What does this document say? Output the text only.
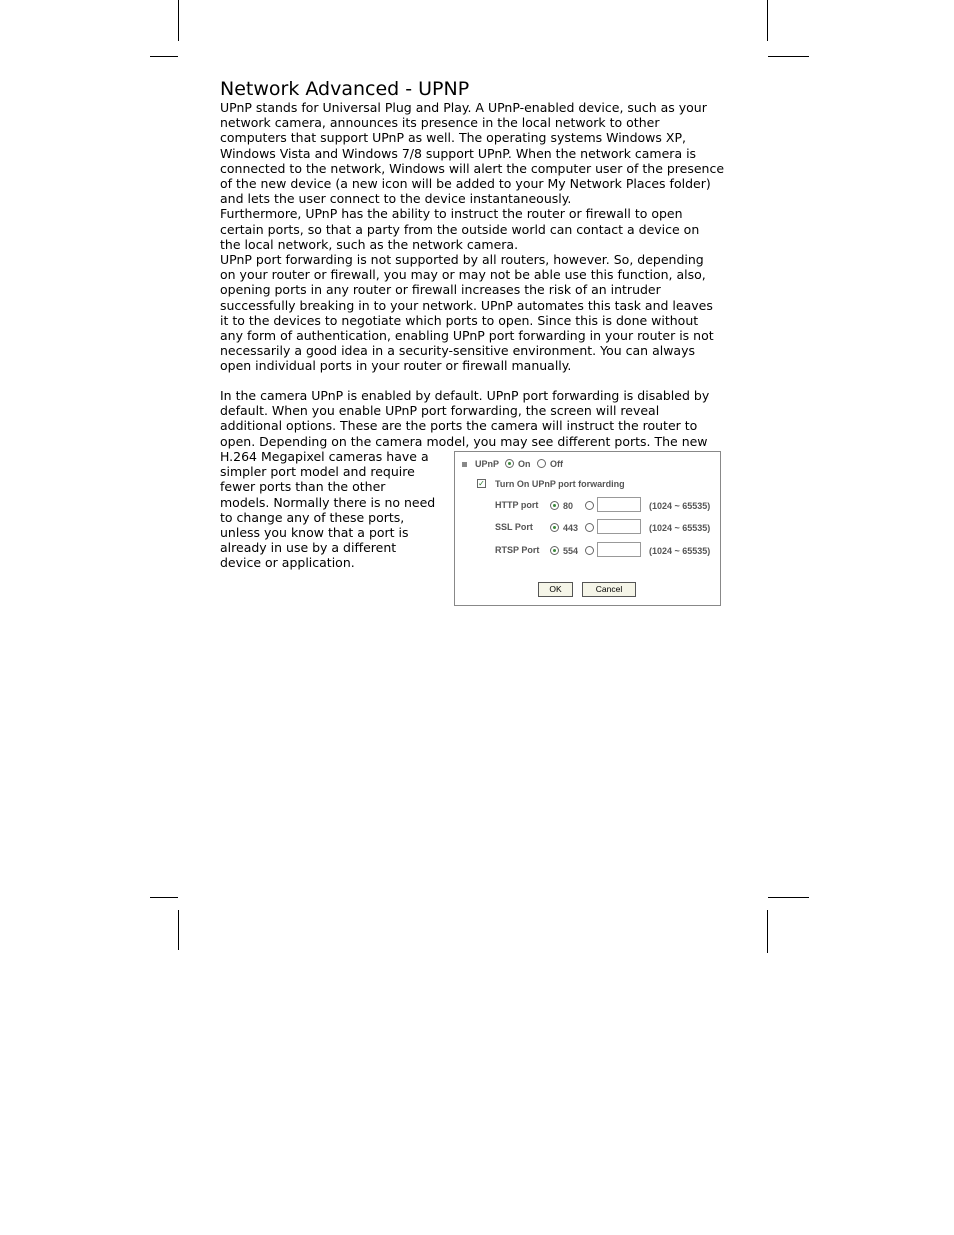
Network Advanced - UPNP
UPnP stands for Universal Plug and Play. A UPnP-enabled device, such as your
network camera, announces its presence in the local network to other
computers that support UPnP as well. The operating systems Windows XP,
Windows Vista and Windows 7/8 support UPnP. When the network camera is
connected to the network, Windows will alert the computer user of the presence
of the new device (a new icon will be added to your My Network Places folder)
and lets the user connect to the device instantaneously.
Furthermore, UPnP has the ability to instruct the router or firewall to open
certain ports, so that a party from the outside world can contact a device on
the local network, such as the network camera.
UPnP port forwarding is not supported by all routers, however. So, depending
on your router or firewall, you may or may not be able use this function, also,
opening ports in any router or firewall increases the risk of an intruder
successfully breaking in to your network. UPnP automates this task and leaves
it to the devices to negotiate which ports to open. Since this is done without
any form of authentication, enabling UPnP port forwarding in your router is not
necessarily a good idea in a security-sensitive environment. You can always
open individual ports in your router or firewall manually.
In the camera UPnP is enabled by default. UPnP port forwarding is disabled by
default. When you enable UPnP port forwarding, the screen will reveal
additional options. These are the ports the camera will instruct the router to
open. Depending on the camera model, you may see different ports. The new
H.264 Megapixel cameras have a
simpler port model and require
fewer ports than the other
models. Normally there is no need
to change any of these ports,
unless you know that a port is
already in use by a different
device or application.
UPnP On Off
✓ Turn On UPnP port forwarding
HTTP port	80	(1024 ~ 65535)
SSL Port	443	(1024 ~ 65535)
RTSP Port	554	(1024 ~ 65535)
OK	Cancel
